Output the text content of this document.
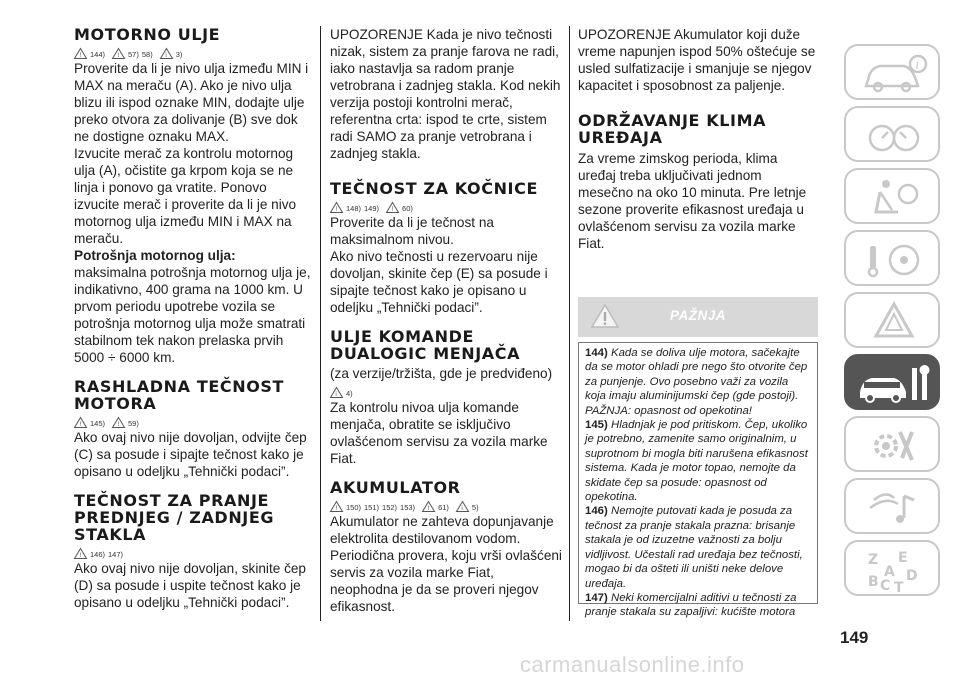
MOTORNO ULJE
! 144) ! 57) 58) i 3)
Proverite da li je nivo ulja između MIN i MAX na meraču (A). Ako je nivo ulja blizu ili ispod oznake MIN, dodajte ulje preko otvora za dolivanje (B) sve dok ne dostigne oznaku MAX.
Izvucite merač za kontrolu motornog ulja (A), očistite ga krpom koja se ne linja i ponovo ga vratite. Ponovo izvucite merač i proverite da li je nivo motornog ulja između MIN i MAX na meraču.
Potrošnja motornog ulja:
maksimalna potrošnja motornog ulja je, indikativno, 400 grama na 1000 km. U prvom periodu upotrebe vozila se potrošnja motornog ulja može smatrati stabilnom tek nakon prelaska prvih 5000 ÷ 6000 km.
RASHLADNA TEČNOST MOTORA
! 145) ! 59)
Ako ovaj nivo nije dovoljan, odvijte čep (C) sa posude i sipajte tečnost kako je opisano u odeljku „Tehnički podaci”.
TEČNOST ZA PRANJE PREDNJEG / ZADNJEG STAKLA
! 146) 147)
Ako ovaj nivo nije dovoljan, skinite čep (D) sa posude i uspite tečnost kako je opisano u odeljku „Tehnički podaci”.
UPOZORENJE Kada je nivo tečnosti nizak, sistem za pranje farova ne radi, iako nastavlja sa radom pranje vetrobrana i zadnjeg stakla. Kod nekih verzija postoji kontrolni merač, referentna crta: ispod te crte, sistem radi SAMO za pranje vetrobrana i zadnjeg stakla.
TEČNOST ZA KOČNICE
! 148) 149) ! 60)
Proverite da li je tečnost na maksimalnom nivou.
Ako nivo tečnosti u rezervoaru nije dovoljan, skinite čep (E) sa posude i sipajte tečnost kako je opisano u odeljku „Tehnički podaci”.
ULJE KOMANDE DUALOGIC MENJAČA
(za verzije/tržišta, gde je predviđeno)
i 4)
Za kontrolu nivoa ulja komande menjača, obratite se isključivo ovlašćenom servisu za vozila marke Fiat.
AKUMULATOR
! 150) 151) 152) 153) ! 61) i 5)
Akumulator ne zahteva dopunjavanje elektrolita destilovanom vodom. Periodična provera, koju vrši ovlašćeni servis za vozila marke Fiat, neophodna je da se proveri njegov efikasnost.
UPOZORENJE Akumulator koji duže vreme napunjen ispod 50% oštećuje se usled sulfatizacije i smanjuje se njegov kapacitet i sposobnost za paljenje.
ODRŽAVANJE KLIMA UREĐAJA
Za vreme zimskog perioda, klima uređaj treba uključivati jednom mesečno na oko 10 minuta. Pre letnje sezone proverite efikasnost uređaja u ovlašćenom servisu za vozila marke Fiat.
PAŽNJA

144) Kada se doliva ulje motora, sačekajte da se motor ohladi pre nego što otvorite čep za punjenje. Ovo posebno važi za vozila koja imaju aluminijumski čep (gde postoji). PAŽNJA: opasnost od opekotina!

145) Hladnjak je pod pritiskom. Čep, ukoliko je potrebno, zamenite samo originalnim, u suprotnom bi mogla biti narušena efikasnost sistema. Kada je motor topao, nemojte da skidate čep sa posude: opasnost od opekotina.

146) Nemojte putovati kada je posuda za tečnost za pranje stakala prazna: brisanje stakala je od izuzetne važnosti za bolju vidljivost. Učestali rad uređaja bez tečnosti, mogao bi da ošteti ili uništi neke delove uređaja.

147) Neki komercijalni aditivi u tečnosti za pranje stakala su zapaljivi: kućište motora

i
Z E
A
B D
C T
149
carmanualsonline.info
